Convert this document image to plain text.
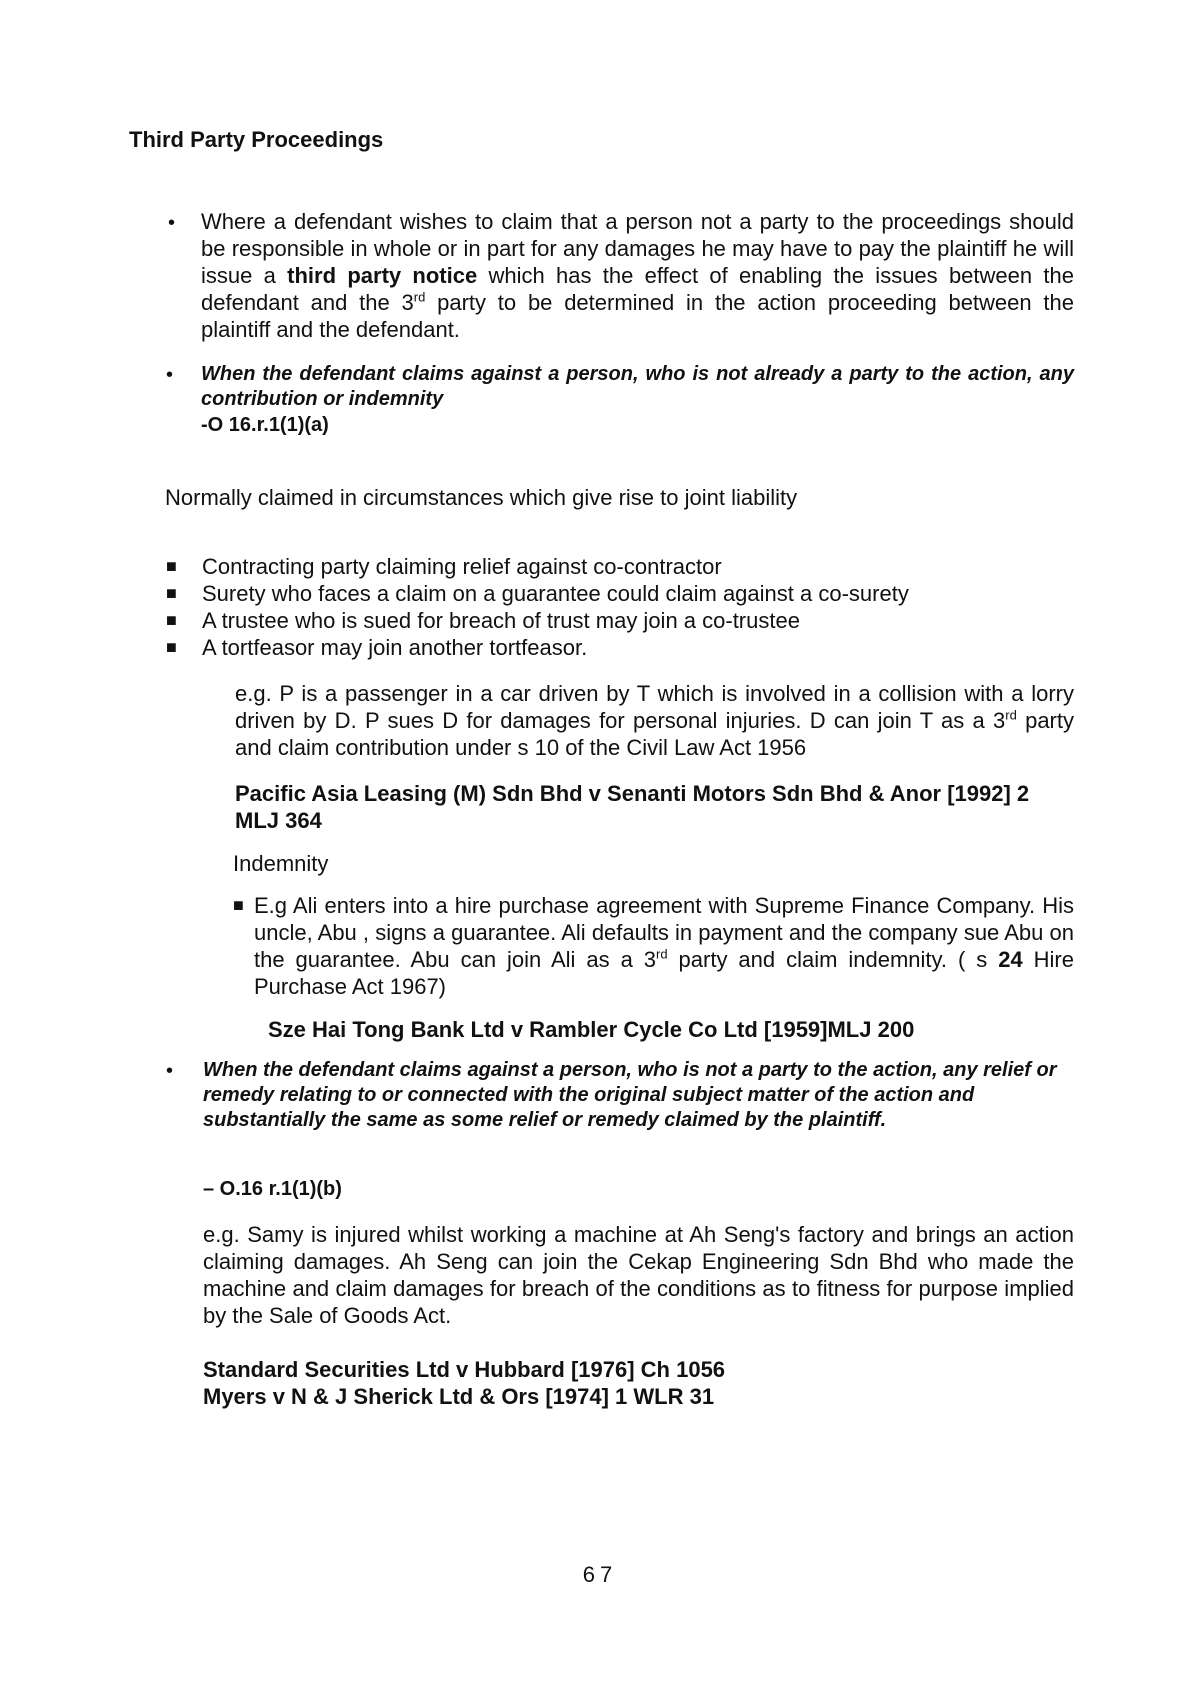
Third Party Proceedings
• Where a defendant wishes to claim that a person not a party to the proceedings should be responsible in whole or in part for any damages he may have to pay the plaintiff he will issue a third party notice which has the effect of enabling the issues between the defendant and the 3rd party to be determined in the action proceeding between the plaintiff and the defendant.

• When the defendant claims against a person, who is not already a party to the action, any contribution or indemnity

-O 16.r.1(1)(a)

Normally claimed in circumstances which give rise to joint liability

■ Contracting party claiming relief against co-contractor
■ Surety who faces a claim on a guarantee could claim against a co-surety
■ A trustee who is sued for breach of trust may join a co-trustee
■ A tortfeasor may join another tortfeasor.

e.g. P is a passenger in a car driven by T which is involved in a collision with a lorry driven by D. P sues D for damages for personal injuries. D can join T as a 3rd party and claim contribution under s 10 of the Civil Law Act 1956

Pacific Asia Leasing (M) Sdn Bhd v Senanti Motors Sdn Bhd & Anor [1992] 2 MLJ 364

Indemnity

■ E.g Ali enters into a hire purchase agreement with Supreme Finance Company. His uncle, Abu , signs a guarantee. Ali defaults in payment and the company sue Abu on the guarantee. Abu can join Ali as a 3rd party and claim indemnity. ( s 24 Hire Purchase Act 1967)

Sze Hai Tong Bank Ltd v Rambler Cycle Co Ltd [1959]MLJ 200

• When the defendant claims against a person, who is not a party to the action, any relief or remedy relating to or connected with the original subject matter of the action and substantially the same as some relief or remedy claimed by the plaintiff.

– O.16 r.1(1)(b)

e.g. Samy is injured whilst working a machine at Ah Seng's factory and brings an action claiming damages. Ah Seng can join the Cekap Engineering Sdn Bhd who made the machine and claim damages for breach of the conditions as to fitness for purpose implied by the Sale of Goods Act.

Standard Securities Ltd v Hubbard [1976] Ch 1056

Myers v N & J Sherick Ltd & Ors [1974] 1 WLR 31

67
